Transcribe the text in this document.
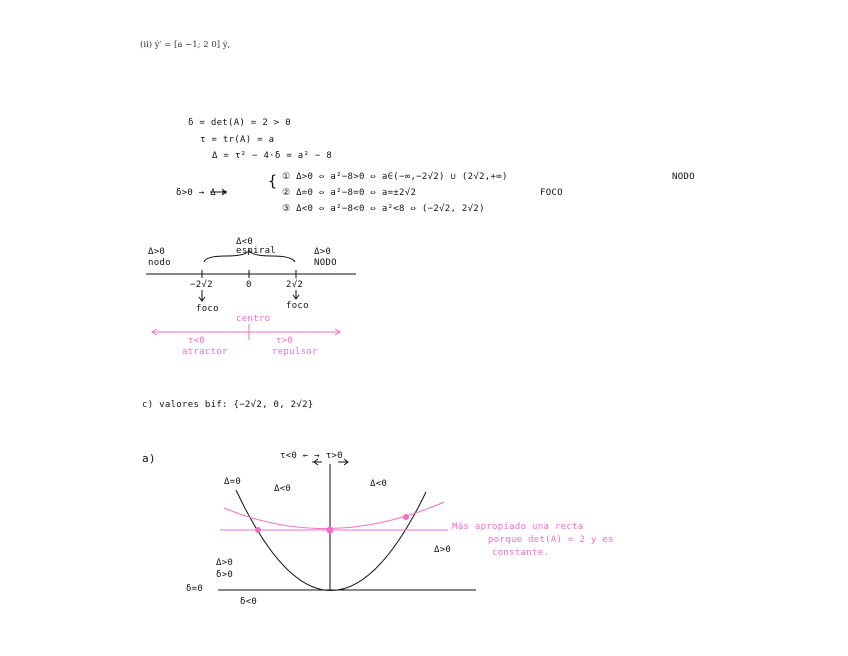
(ii) ẏ′ = [a −1; 2 0] ẏ,
δ = det(A) = 2 > 0
τ = tr(A) = a
Δ = τ² − 4·δ = a² − 8
δ>0 → Δ =
{ ① Δ>0 ⇔ a²−8>0 ⇔ a∈(−∞,−2√2) ∪ (2√2,+∞)	NODO
② Δ=0 ⇔ a²−8=0 ⇔ a=±2√2	FOCO
③ Δ<0 ⇔ a²−8<0 ⇔ a²<8 ⇔ (−2√2, 2√2)
Δ>0
nodo
Δ<0
espiral	Δ>0
NODO
−2√2	0	2√2
foco	foco
centro
τ<0
atractor
τ>0
repulsor
c) valores bif: {−2√2, 0, 2√2}
a)	τ<0 ← → τ>0
Δ=0
Δ<0	Δ<0
Δ>0
δ>0
Δ>0
δ=0
δ<0
Más apropiado una recta
porque det(A) = 2 y es
constante.
